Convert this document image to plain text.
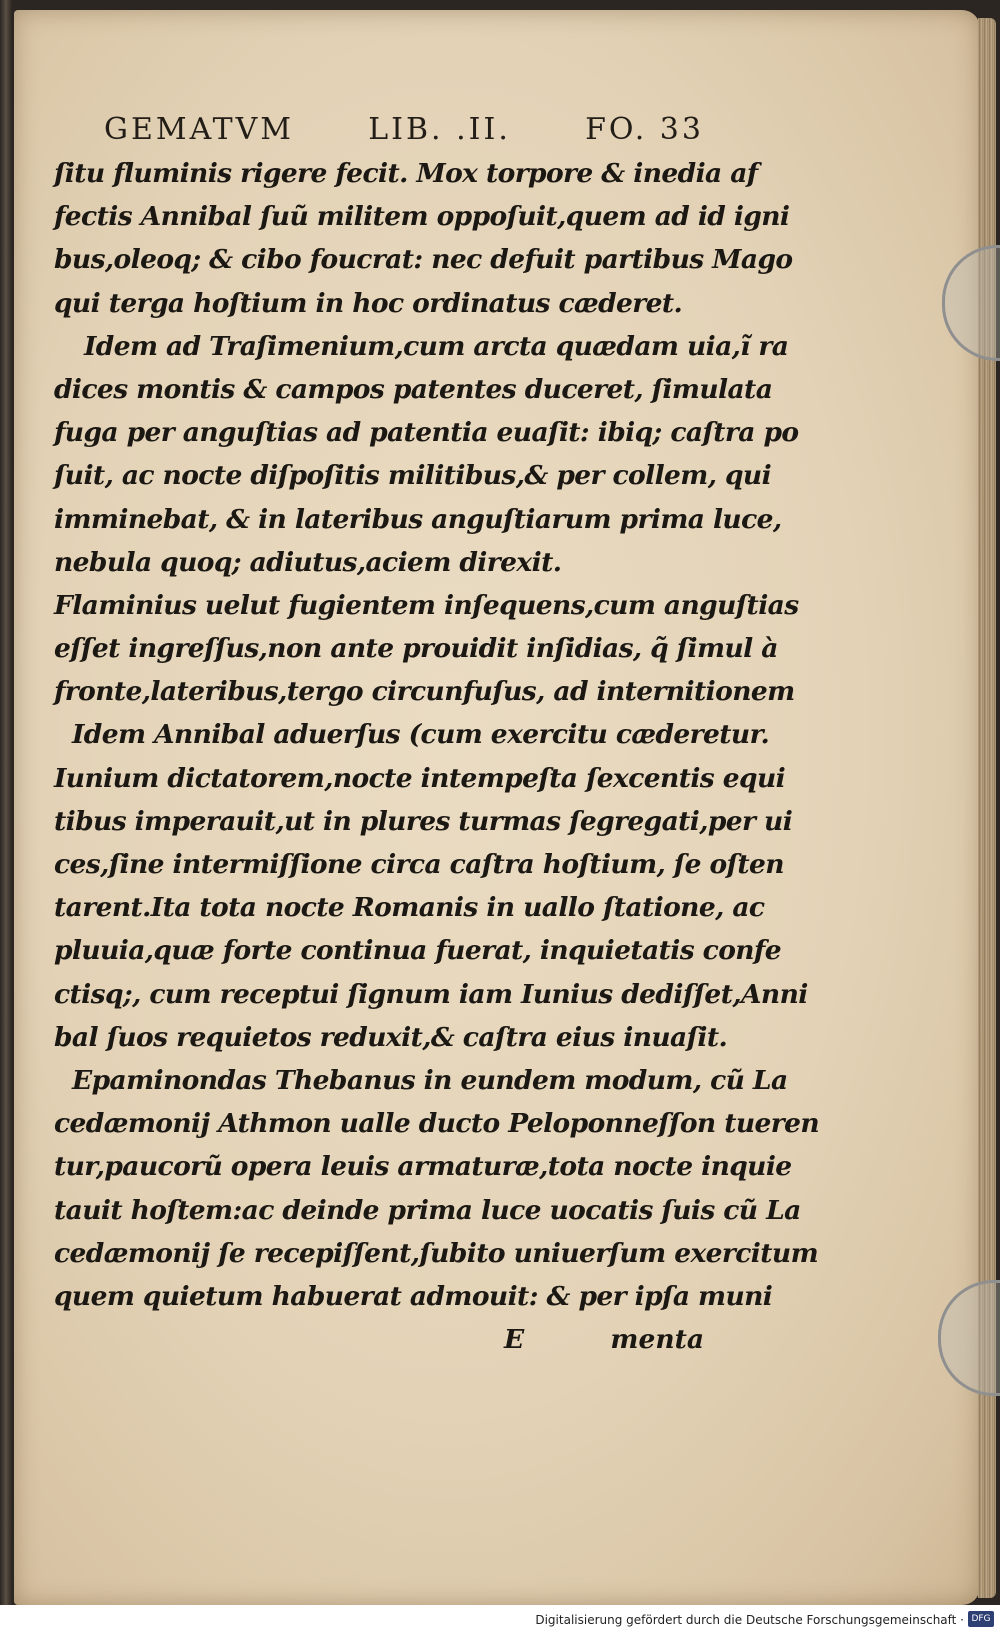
GEMATVM LIB. .II. FO. 33
ſitu fluminis rigere fecit. Mox torpore & inedia af
fectis Annibal ſuũ militem oppoſuit,quem ad id igni
bus,oleoq; & cibo foucrat: nec defuit partibus Mago
qui terga hoſtium in hoc ordinatus cæderet.
Idem ad Traſimenium,cum arcta quædam uia,ĩ ra
dices montis & campos patentes duceret, ſimulata
fuga per anguſtias ad patentia euaſit: ibiq; caſtra po
ſuit, ac nocte diſpoſitis militibus,& per collem, qui
imminebat, & in lateribus anguſtiarum prima luce,
nebula quoq; adiutus,aciem direxit.
Flaminius uelut fugientem inſequens,cum anguſtias
eſſet ingreſſus,non ante prouidit inſidias, q̃ ſimul à
fronte,lateribus,tergo circunfuſus, ad internitionem
Idem Annibal aduerſus (cum exercitu cæderetur.
Iunium dictatorem,nocte intempeſta ſexcentis equi
tibus imperauit,ut in plures turmas ſegregati,per ui
ces,ſine intermiſſione circa caſtra hoſtium, ſe oſten
tarent.Ita tota nocte Romanis in uallo ſtatione, ac
pluuia,quæ forte continua fuerat, inquietatis confe
ctisq;, cum receptui ſignum iam Iunius dediſſet,Anni
bal ſuos requietos reduxit,& caſtra eius inuaſit.
Epaminondas Thebanus in eundem modum, cũ La
cedæmonij Athmon ualle ducto Peloponneſſon tueren
tur,paucorũ opera leuis armaturæ,tota nocte inquie
tauit hoſtem:ac deinde prima luce uocatis ſuis cũ La
cedæmonij ſe recepiſſent,ſubito uniuerſum exercitum
quem quietum habuerat admouit: & per ipſa muni
E	menta
Digitalisierung gefördert durch die Deutsche Forschungsgemeinschaft · DFG
